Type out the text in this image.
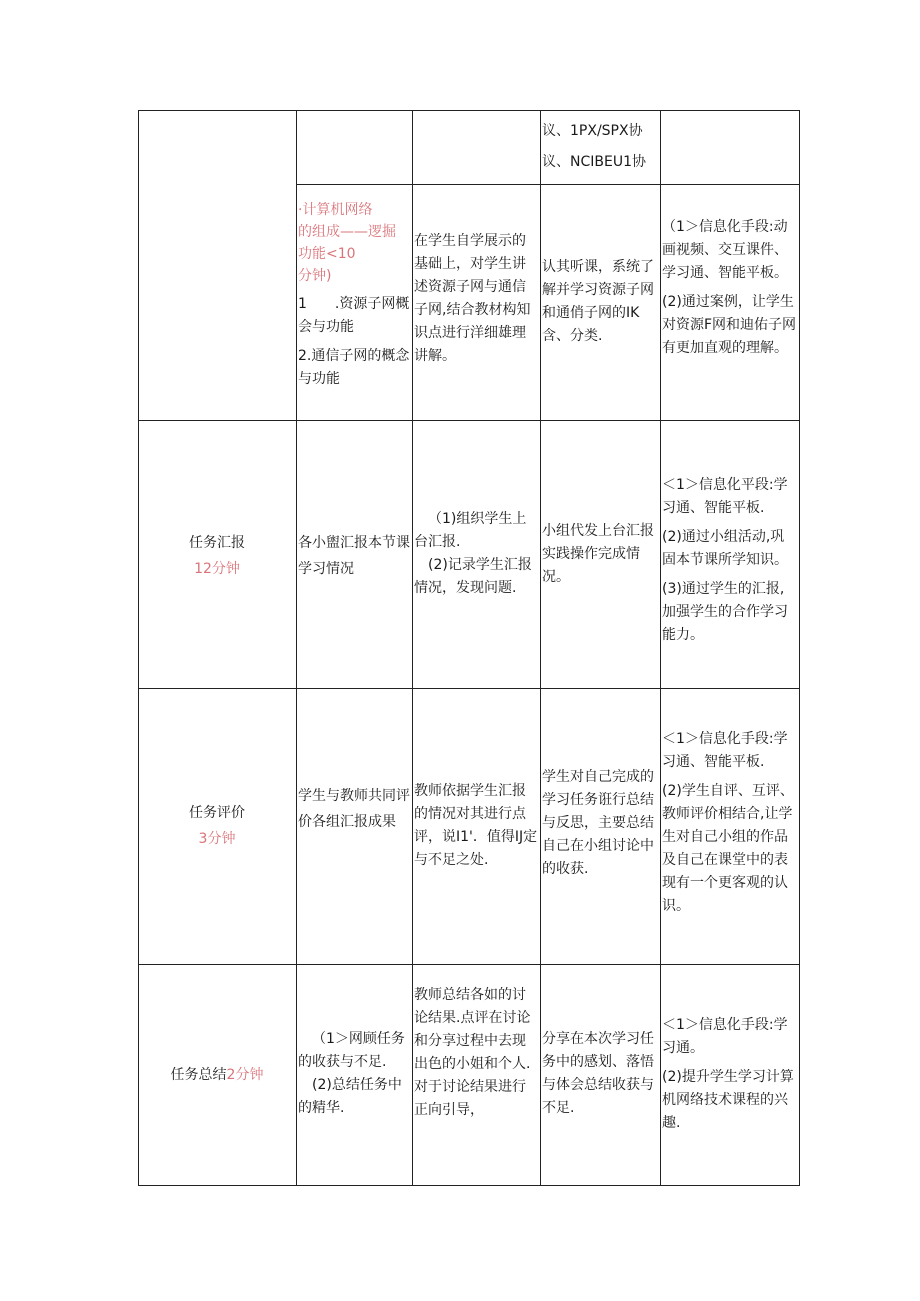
议、1PX/SPX协

议、NCIBEU1协

·计算机网络
的组成——逻掘
功能<10
分钟)

1　　.资源子网概会与功能

2.通信子网的概念与功能

在学生自学展示的基础上，对学生讲述资源子网与通信子网,结合教材构知识点进行洋细雄理讲解。

认其听课，系统了解并学习资源子网和通俏子网的IK含、分类.

（1＞信息化手段:动画视频、交互课件、学习通、智能平板。

(2)通过案例，让学生对资源F网和迪佑子网有更加直观的理解。

任务汇报

12分钟

各小盥汇报本节课学习情况

（1)组织学生上台汇报.

(2)记录学生汇报情况，发现问题.

小组代发上台汇报实践操作完成情况。

＜1＞信息化平段:学习通、智能平板.

(2)通过小组活动,巩固本节课所学知识。

(3)通过学生的汇报,加强学生的合作学习能力。

任务评价

3分钟

学生与教师共同评价各组汇报成果

教师依据学生汇报的情况对其进行点评，说I1'．值得IJ定与不足之处.

学生对自己完成的学习任务诳行总结与反思，主要总结自己在小组讨论中的收获.

＜1＞信息化手段:学习通、智能平板.

(2)学生自评、互评、教师评价相结合,让学生对自己小组的作品及自己在课堂中的表现有一个更客观的认识。

任务总结2分钟

（1＞网顾任务的收获与不足.

(2)总结任务中的精华.

教师总结各如的讨论结果.点评在讨论和分享过程中去现出色的小姐和个人.对于讨论结果进行正向引导，

分享在本次学习任务中的感划、落悟与体会总结收获与不足.

＜1＞信息化手段:学习通。

(2)提升学生学习计算机网络技术课程的兴趣.
